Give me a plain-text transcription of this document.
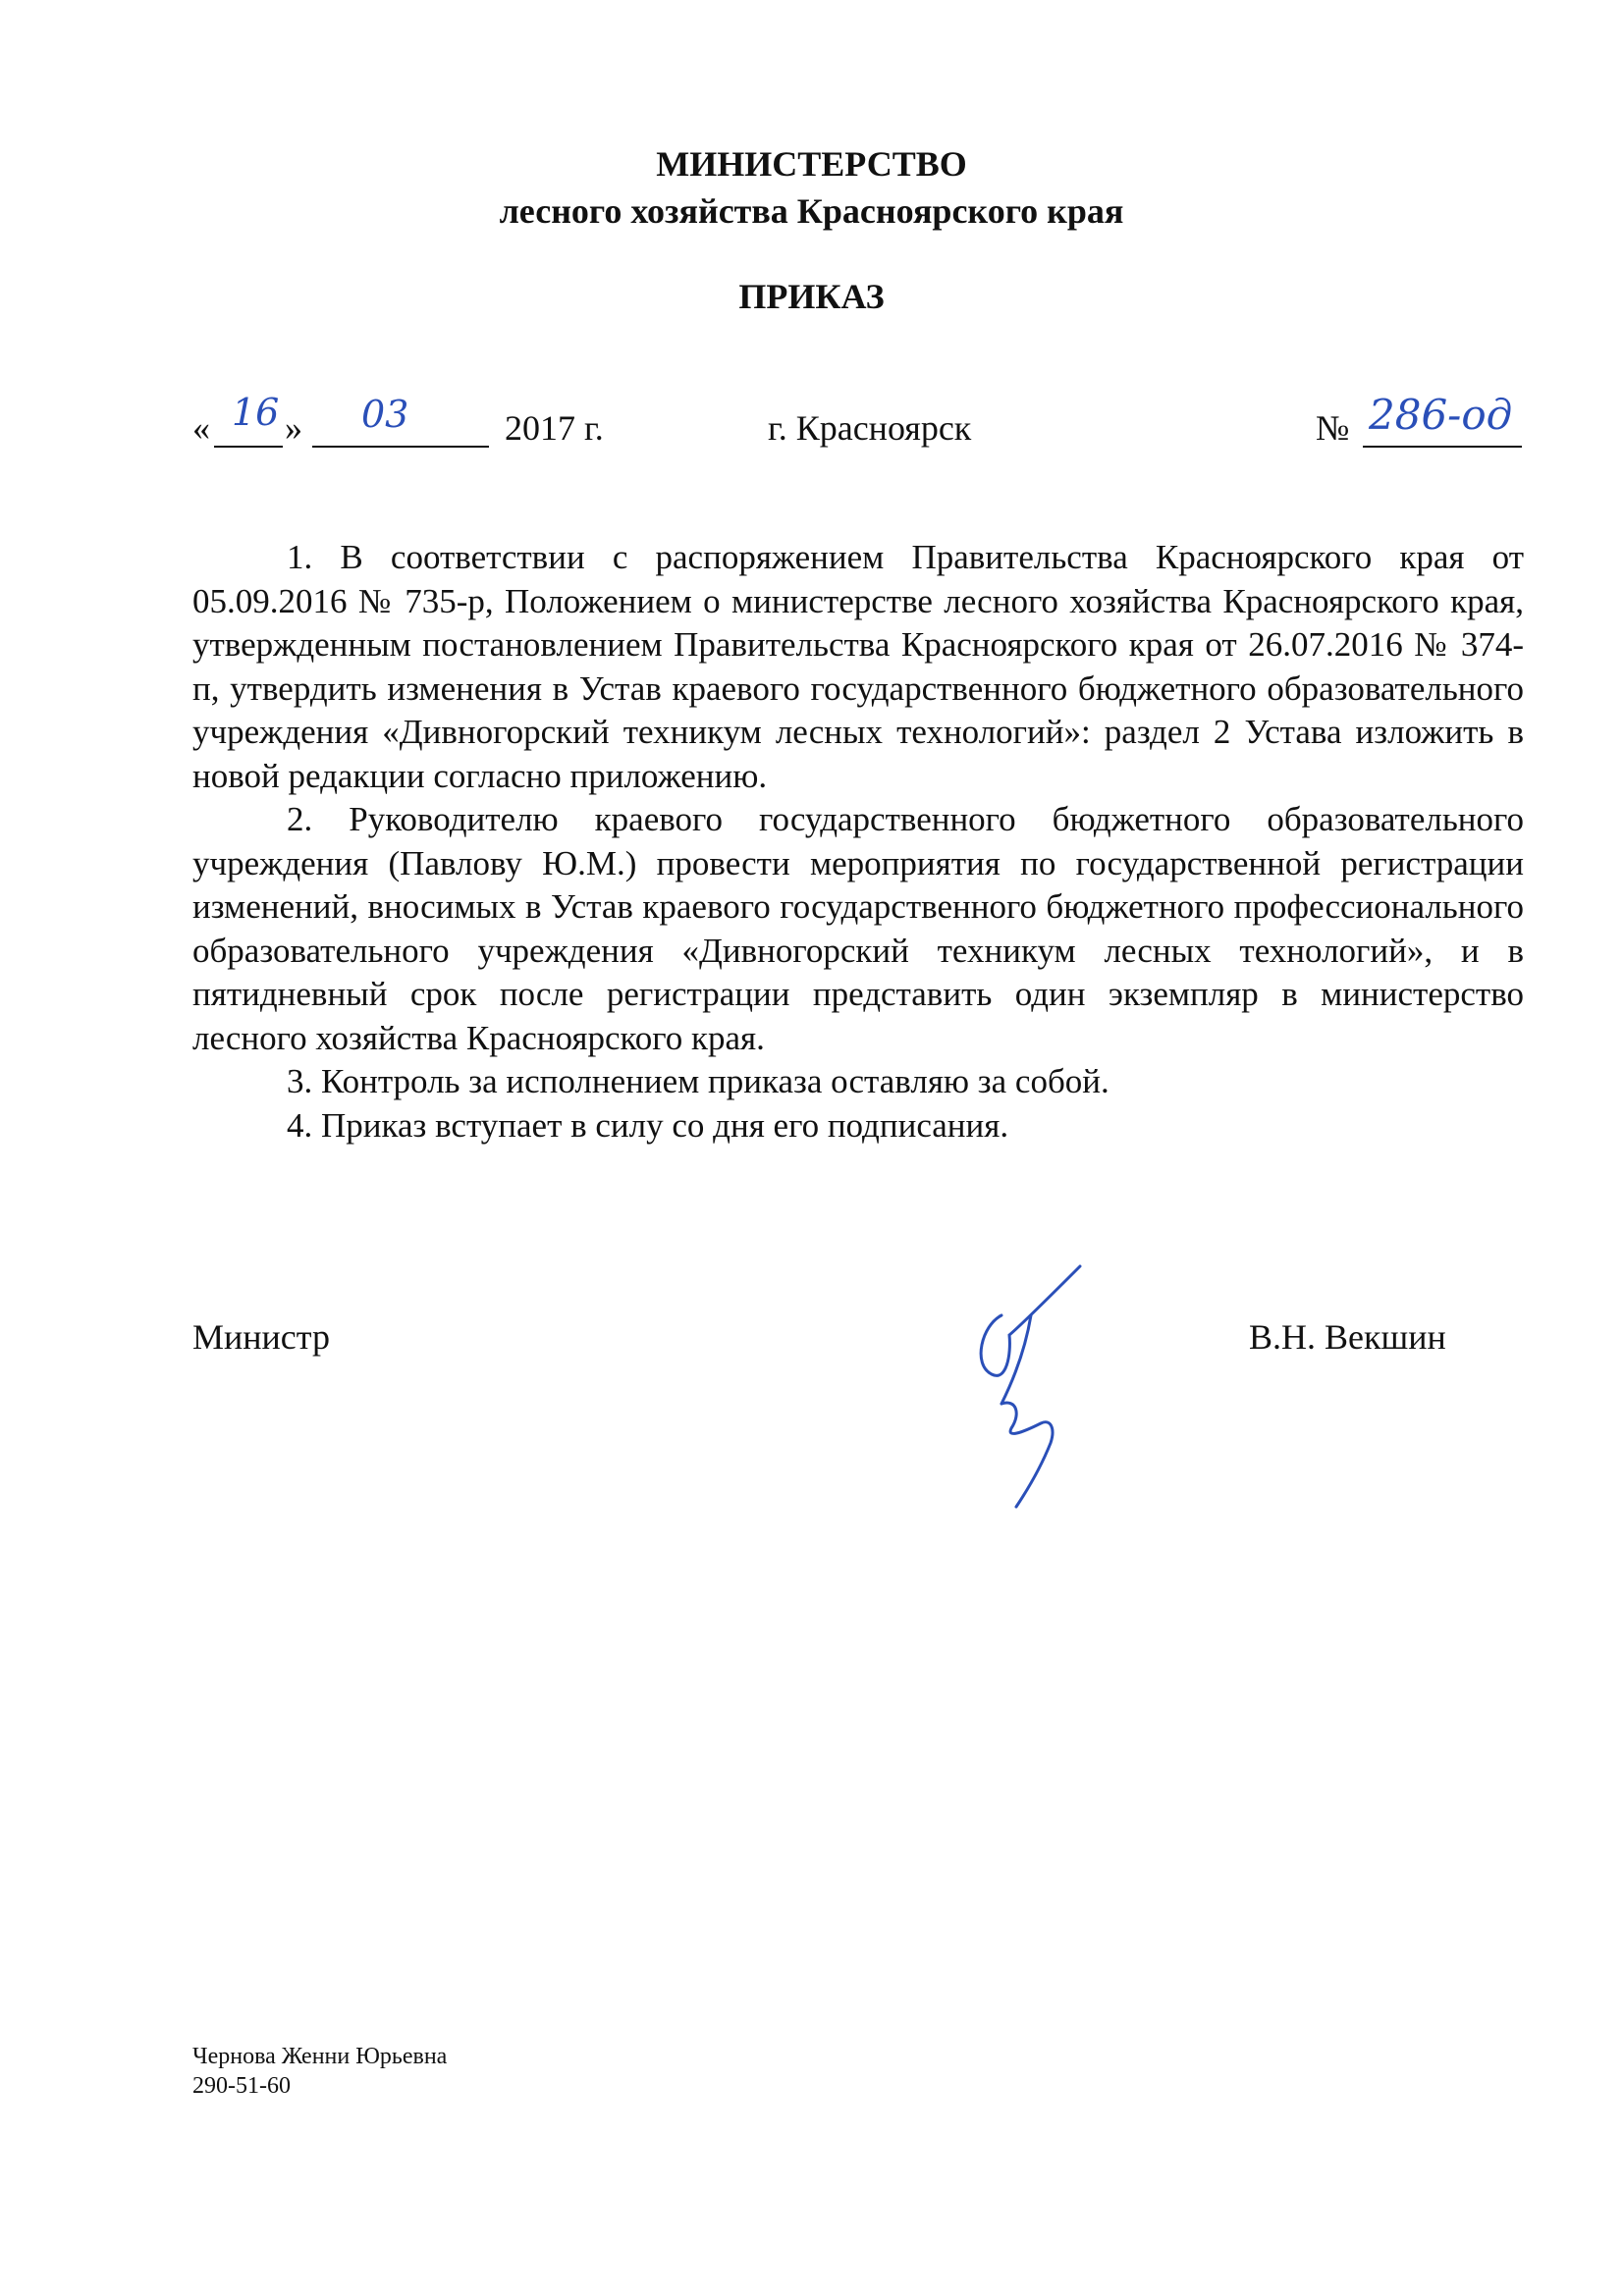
МИНИСТЕРСТВО
лесного хозяйства Красноярского края
ПРИКАЗ
« »	2017 г.	г. Красноярск	№
16 03	286-од

1. В соответствии с распоряжением Правительства Красноярского края от 05.09.2016 № 735-р, Положением о министерстве лесного хозяйства Красноярского края, утвержденным постановлением Правительства Красноярского края от 26.07.2016 № 374-п, утвердить изменения в Устав краевого государственного бюджетного образовательного учреждения «Дивногорский техникум лесных технологий»: раздел 2 Устава изложить в новой редакции согласно приложению.

2. Руководителю краевого государственного бюджетного образовательного учреждения (Павлову Ю.М.) провести мероприятия по государственной регистрации изменений, вносимых в Устав краевого государственного бюджетного профессионального образовательного учреждения «Дивногорский техникум лесных технологий», и в пятидневный срок после регистрации представить один экземпляр в министерство лесного хозяйства Красноярского края.

3. Контроль за исполнением приказа оставляю за собой.

4. Приказ вступает в силу со дня его подписания.

Министр	В.Н. Векшин
Чернова Женни Юрьевна
290-51-60
